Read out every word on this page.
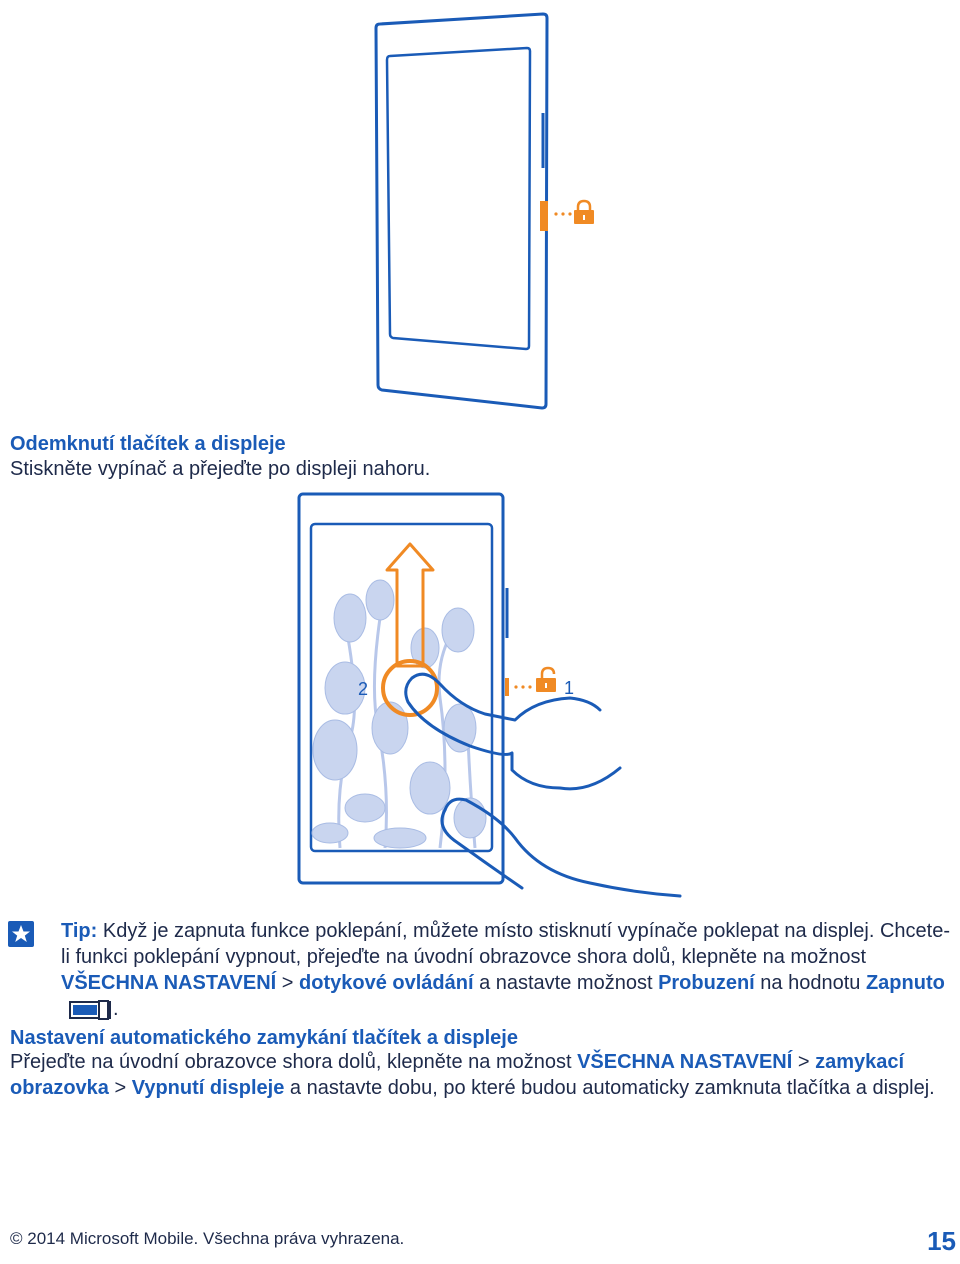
Odemknutí tlačítek a displeje
Stiskněte vypínač a přejeďte po displeji nahoru.
2	1
Tip: Když je zapnuta funkce poklepání, můžete místo stisknutí vypínače poklepat na displej. Chcete-li funkci poklepání vypnout, přejeďte na úvodní obrazovce shora dolů, klepněte na možnost VŠECHNA NASTAVENÍ > dotykové ovládání a nastavte možnost Probuzení na hodnotu Zapnuto.
Nastavení automatického zamykání tlačítek a displeje
Přejeďte na úvodní obrazovce shora dolů, klepněte na možnost VŠECHNA NASTAVENÍ > zamykací obrazovka > Vypnutí displeje a nastavte dobu, po které budou automaticky zamknuta tlačítka a displej.
© 2014 Microsoft Mobile. Všechna práva vyhrazena.	15
